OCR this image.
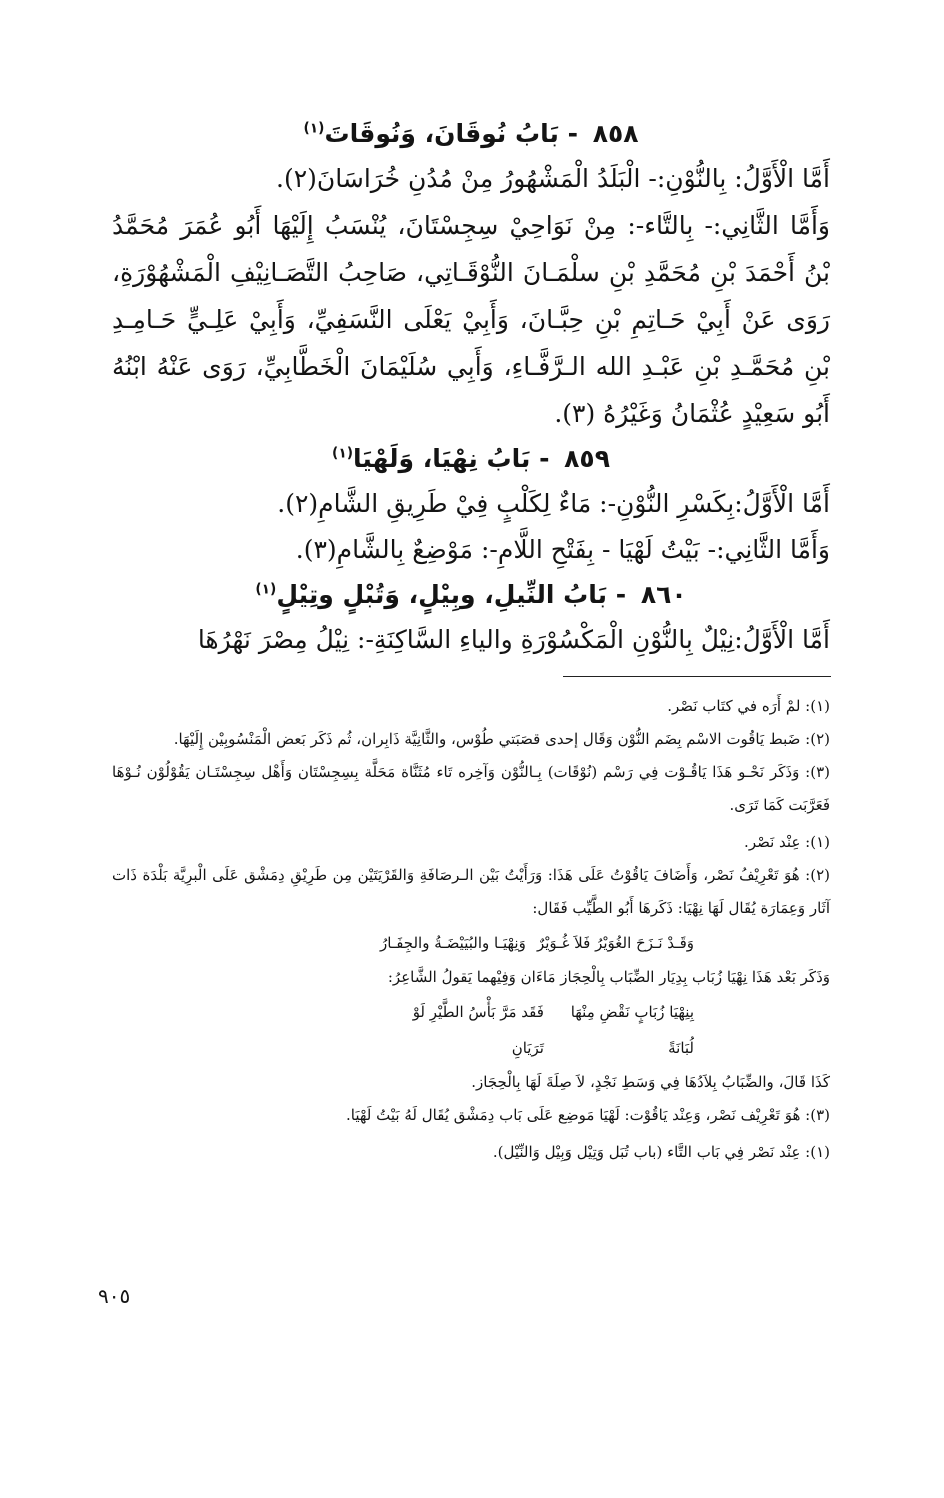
٨٥٨ - بَابُ نُوقَانَ، وَنُوقَاتَ$^{(١)}$

أَمَّا الْأَوَّلُ: بِالنُّوْنِ:- الْبَلَدُ الْمَشْهُورُ مِنْ مُدُنِ خُرَاسَانَ(٢).

وَأَمَّا الثَّانِي:- بِالتَّاء-: مِنْ نَوَاحِيْ سِجِسْتَانَ، يُنْسَبُ إِلَيْهَا أَبُو عُمَرَ مُحَمَّدُ بْنُ أَحْمَدَ بْنِ مُحَمَّدِ بْنِ سلْمَـانَ النُّوْقَـاتِي، صَاحِبُ التَّصَـانِيْفِ الْمَشْهُوْرَةِ، رَوَى عَنْ أَبِيْ حَـاتِمِ بْنِ حِبَّـانَ، وَأَبِيْ يَعْلَى النَّسَفِيِّ، وَأَبِيْ عَلِـيٍّ حَـامِـدِ بْنِ مُحَمَّـدِ بْنِ عَبْـدِ الله الـرَّفَّـاءِ، وَأَبِي سُلَيْمَانَ الْخَطَّابِيِّ، رَوَى عَنْهُ ابْنُهُ أَبُو سَعِيْدٍ عُثْمَانُ وَغَيْرُهُ (٣).

٨٥٩ - بَابُ نِهْيَا، وَلَهْيَا$^{(١)}$

أَمَّا الْأَوَّلُ:بِكَسْرِ النُّوْنِ-: مَاءٌ لِكَلْبٍ فِيْ طَرِيقِ الشَّامِ(٢).

وَأَمَّا الثَّانِي:- بَيْتُ لَهْيَا - بِفَتْحِ اللَّامِ-: مَوْضِعٌ بِالشَّامِ(٣).

٨٦٠ - بَابُ النِّيلِ، وبِيْلٍ، وَتُبْلٍ وتِيْلٍ$^{(١)}$

أَمَّا الْأَوَّلُ:نِيْلٌ بِالنُّوْنِ الْمَكْسُوْرَةِ والياءِ السَّاكِنَةِ-: نِيْلُ مِصْرَ نَهْرُهَا

(١): لمْ أَرَه في كتَاب نَصْر.

(٢): ضَبط يَاقُوت الاسْم بِضَم النُّوْن وَقَال إحدى قصَبَتي طُوْس، والثَّانِيَّة ذَابِران، ثُم ذَكَر بَعض الْمَنْسُوبِيْن إِلَيْهَا.

(٣): وَذَكَر نَحْـو هَذَا يَاقُـوْت فِي رَسْم (نُوْقَات) بِـالنُّوْن وَآخِره تَاء مُثَنَّاة مَحَلَّة بِسِجِسْتَان وَأَهْل سِجِسْتَـان يَقُوْلُوْن نُـوْهَا فَعَرَّبَت كَمَا تَرَى.

(١): عِنْد نَصْر.

(٢): هُوَ تَعْرِيْفُ نَصْر، وَأَضَافَ يَاقُوْتُ عَلَى هَذَا: وَرَأَيْتُ بَيْن الـرصَافَةِ وَالقَرْيَتَيْن مِن طَرِيْقِ دِمَشْق عَلَى الْبرِيَّة بَلْدَة ذَات آثَار وَعِمَارَة يُقَال لَهَا نِهْيَا: ذَكَرهَا أَبُو الطَّيِّب فَقَال:

وَقَـدْ نَـزَحَ الغُوَيْرُ فَلاَ غُـوَيْرٌ
وَنِهْيَـا والبُيَيْضَـةُ والجِفَـارُ

وَذَكَر بَعْد هَذَا نِهْيَا زُبَاب بِدِيَار الضِّبَاب بِالْحِجَاز مَاءَان وَفِيْهما يَقولُ الشَّاعِرُ:

بِنِهْيَا زُبَابٍ نَقْضِ مِنْهَا لُبَانَةً
فَقَد مَرَّ بَأْسُ الطَّيْرِ لَوْ تَرَيَانِ

كَذَا قَالَ، والضِّبَابُ بِلاَدُهَا فِي وَسَطِ نَجْدٍ، لاَ صِلَةَ لَهَا بِالْحِجَاز.

(٣): هُوَ تَعْرِيْف نَصْر، وَعِنْد يَاقُوْت: لَهْيَا مَوضِع عَلَى بَاب دِمَشْق يُقَال لَهُ بَيْتُ لَهْيَا.

(١): عِنْد نَصْر فِي بَاب التَّاء (باب تُبَل وَتِيْل وَبِيْل وَالنِّيْل).

٩٠٥
